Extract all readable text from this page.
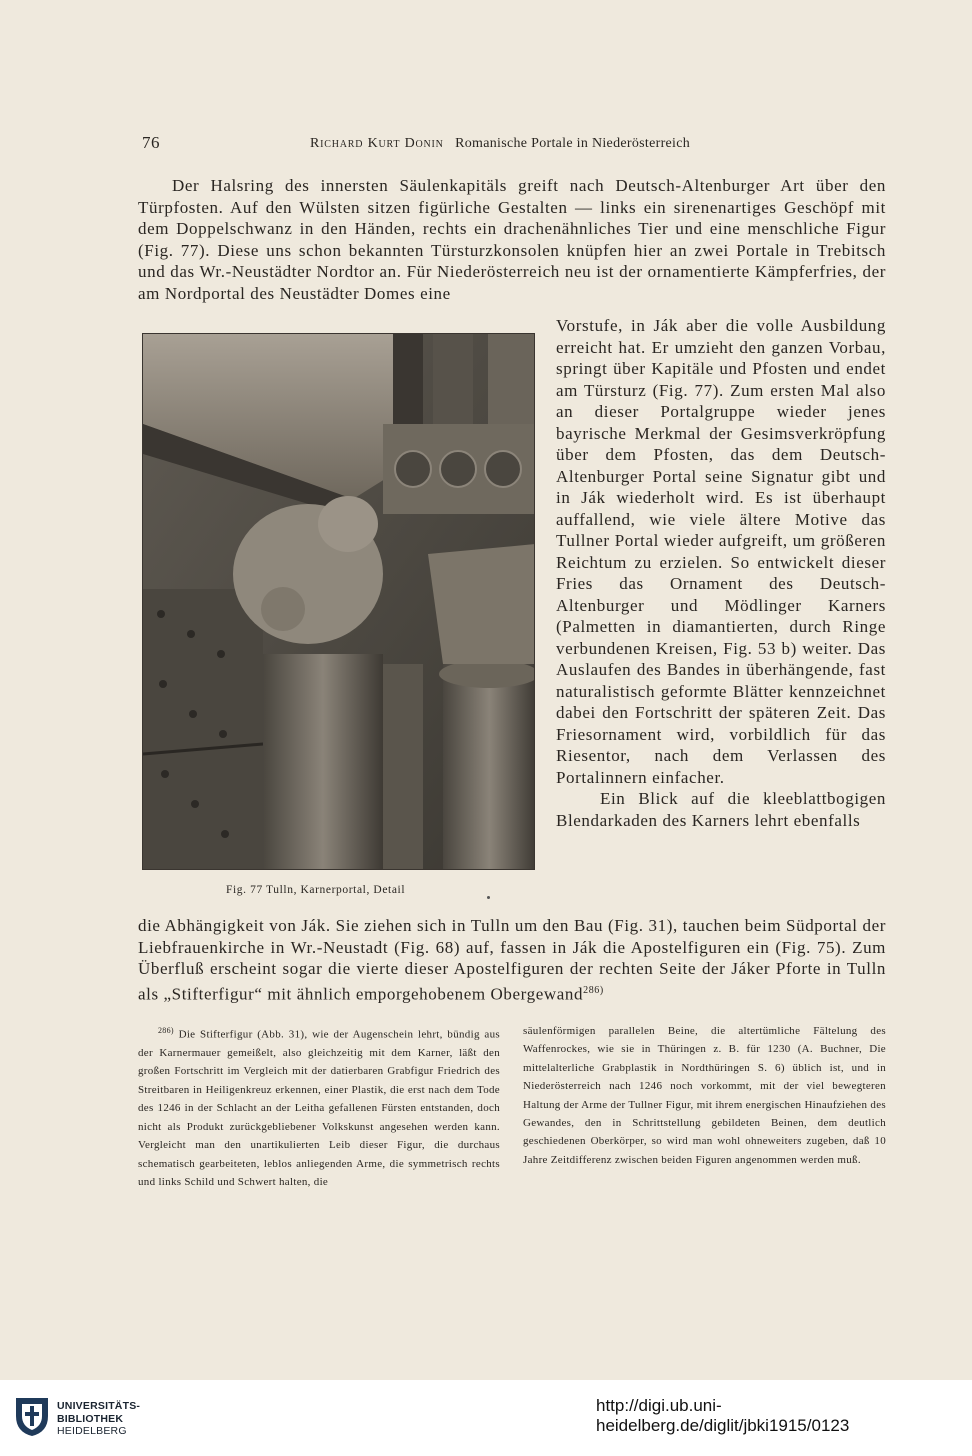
76	Richard Kurt Donin Romanische Portale in Niederösterreich
Der Halsring des innersten Säulenkapitäls greift nach Deutsch-Altenburger Art über den Türpfosten. Auf den Wülsten sitzen figürliche Gestalten — links ein sirenenartiges Geschöpf mit dem Doppelschwanz in den Händen, rechts ein drachenähnliches Tier und eine menschliche Figur (Fig. 77). Diese uns schon bekannten Türsturzkonsolen knüpfen hier an zwei Portale in Trebitsch und das Wr.-Neustädter Nordtor an. Für Niederösterreich neu ist der ornamentierte Kämpferfries, der am Nordportal des Neustädter Domes eine
Fig. 77 Tulln, Karnerportal, Detail
Vorstufe, in Ják aber die volle Ausbildung erreicht hat. Er umzieht den ganzen Vorbau, springt über Kapitäle und Pfosten und endet am Türsturz (Fig. 77). Zum ersten Mal also an dieser Portalgruppe wieder jenes bayrische Merkmal der Gesimsverkröpfung über dem Pfosten, das dem Deutsch-Altenburger Portal seine Signatur gibt und in Ják wiederholt wird. Es ist überhaupt auffallend, wie viele ältere Motive das Tullner Portal wieder aufgreift, um größeren Reichtum zu erzielen. So entwickelt dieser Fries das Ornament des Deutsch-Altenburger und Mödlinger Karners (Palmetten in diamantierten, durch Ringe verbundenen Kreisen, Fig. 53 b) weiter. Das Auslaufen des Bandes in überhängende, fast naturalistisch geformte Blätter kennzeichnet dabei den Fortschritt der späteren Zeit. Das Friesornament wird, vorbildlich für das Riesentor, nach dem Verlassen des Portalinnern einfacher.
Ein Blick auf die kleeblattbogigen Blendarkaden des Karners lehrt ebenfalls
die Abhängigkeit von Ják. Sie ziehen sich in Tulln um den Bau (Fig. 31), tauchen beim Südportal der Liebfrauenkirche in Wr.-Neustadt (Fig. 68) auf, fassen in Ják die Apostelfiguren ein (Fig. 75). Zum Überfluß erscheint sogar die vierte dieser Apostelfiguren der rechten Seite der Jáker Pforte in Tulln als „Stifterfigur“ mit ähnlich emporgehobenem Obergewand$^{286)}$
$^{286)}$ Die Stifterfigur (Abb. 31), wie der Augenschein lehrt, bündig aus der Karnermauer gemeißelt, also gleichzeitig mit dem Karner, läßt den großen Fortschritt im Vergleich mit der datierbaren Grabfigur Friedrich des Streitbaren in Heiligenkreuz erkennen, einer Plastik, die erst nach dem Tode des 1246 in der Schlacht an der Leitha gefallenen Fürsten entstanden, doch nicht als Produkt zurückgebliebener Volkskunst angesehen werden kann. Vergleicht man den unartikulierten Leib dieser Figur, die durchaus schematisch gearbeiteten, leblos anliegenden Arme, die symmetrisch rechts und links Schild und Schwert halten, die
säulenförmigen parallelen Beine, die altertümliche Fältelung des Waffenrockes, wie sie in Thüringen z. B. für 1230 (A. Buchner, Die mittelalterliche Grabplastik in Nordthüringen S. 6) üblich ist, und in Niederösterreich nach 1246 noch vorkommt, mit der viel bewegteren Haltung der Arme der Tullner Figur, mit ihrem energischen Hinaufziehen des Gewandes, den in Schrittstellung gebildeten Beinen, dem deutlich geschiedenen Oberkörper, so wird man wohl ohneweiters zugeben, daß 10 Jahre Zeitdifferenz zwischen beiden Figuren angenommen werden muß.
UNIVERSITÄTS-
BIBLIOTHEK
HEIDELBERG
http://digi.ub.uni-heidelberg.de/diglit/jbki1915/0123
